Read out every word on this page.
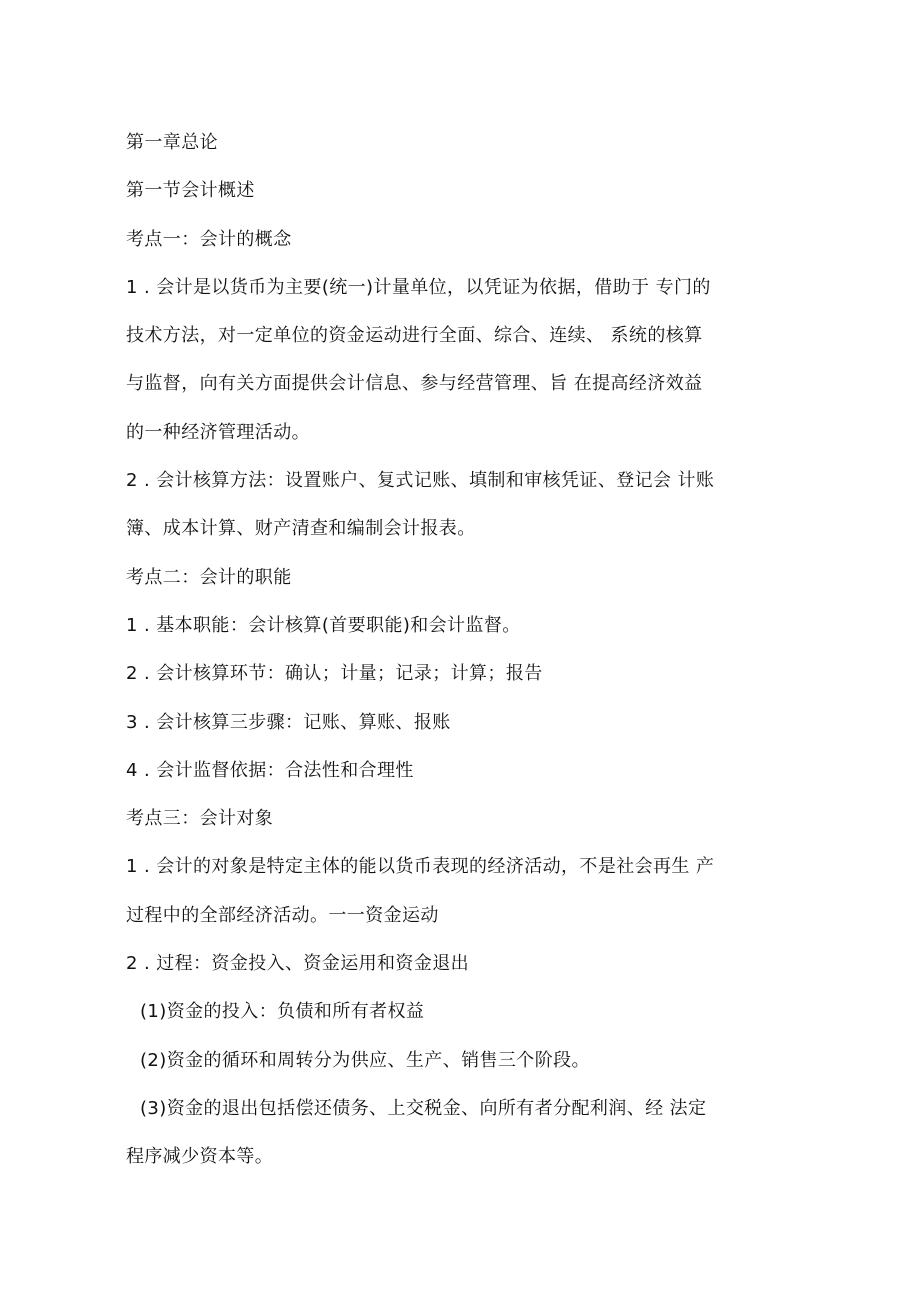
第一章总论
第一节会计概述
考点一：会计的概念
1 . 会计是以货币为主要(统一)计量单位，以凭证为依据，借助于 专门的
技术方法，对一定单位的资金运动进行全面、综合、连续、 系统的核算
与监督，向有关方面提供会计信息、参与经营管理、旨 在提高经济效益
的一种经济管理活动。
2 . 会计核算方法：设置账户、复式记账、填制和审核凭证、登记会 计账
簿、成本计算、财产清查和编制会计报表。
考点二：会计的职能
1 . 基本职能：会计核算(首要职能)和会计监督。
2 . 会计核算环节：确认；计量；记录；计算；报告
3 . 会计核算三步骤：记账、算账、报账
4 . 会计监督依据：合法性和合理性
考点三：会计对象
1 . 会计的对象是特定主体的能以货币表现的经济活动，不是社会再生 产
过程中的全部经济活动。一一资金运动
2 . 过程：资金投入、资金运用和资金退出
(1)资金的投入：负债和所有者权益
(2)资金的循环和周转分为供应、生产、销售三个阶段。
(3)资金的退出包括偿还债务、上交税金、向所有者分配利润、经 法定
程序减少资本等。
